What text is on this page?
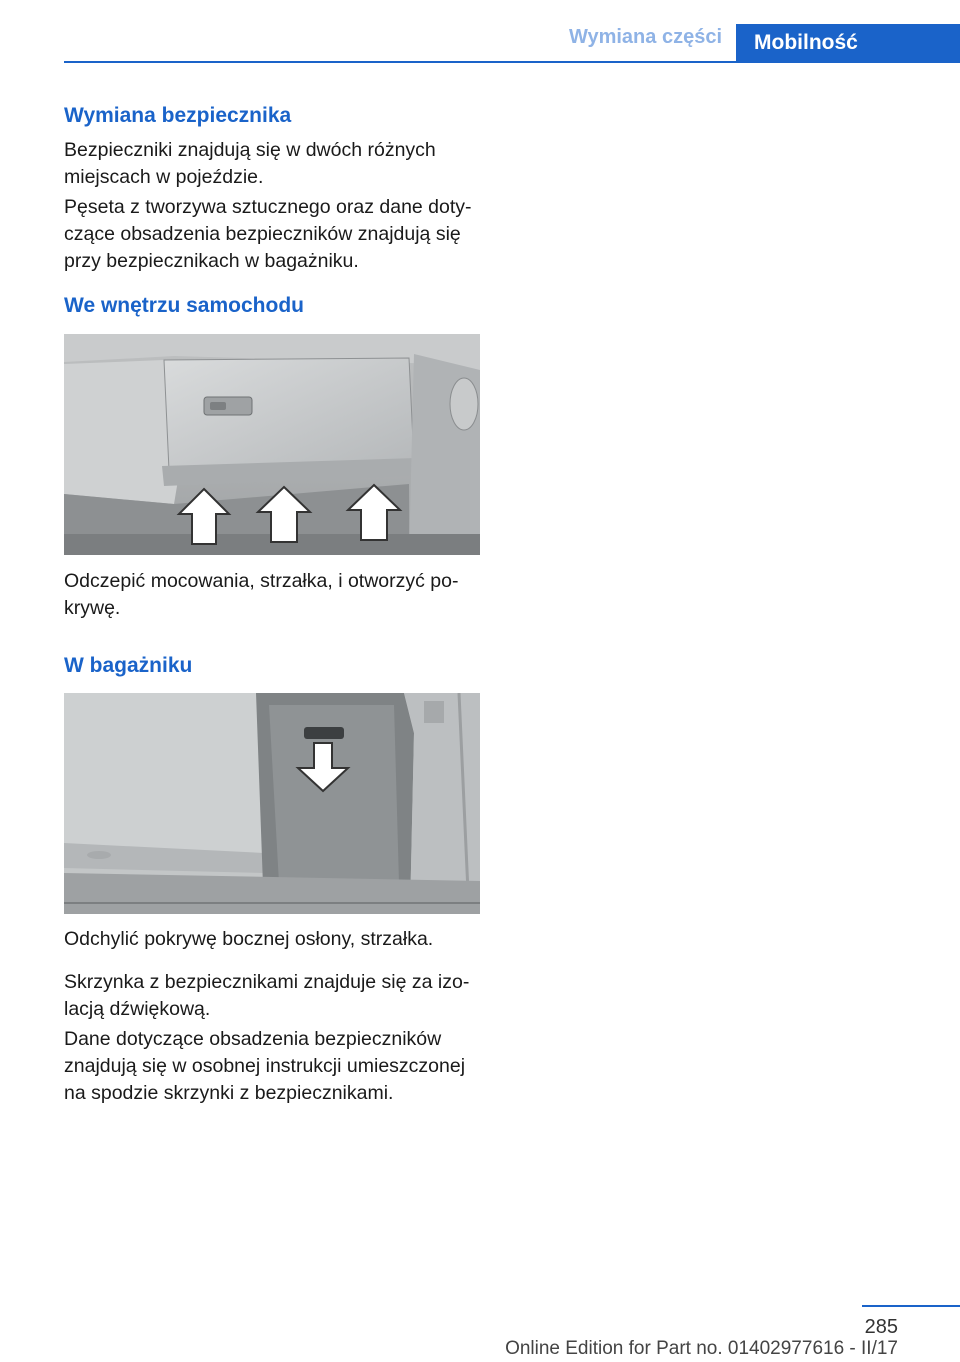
Wymiana części	Mobilność
Wymiana bezpiecznika

Bezpieczniki znajdują się w dwóch różnych miejscach w pojeździe.

Pęseta z tworzywa sztucznego oraz dane dotyczące obsadzenia bezpieczników znajdują się przy bezpiecznikach w bagażniku.

We wnętrzu samochodu

Odczepić mocowania, strzałka, i otworzyć pokrywę.

W bagażniku

Odchylić pokrywę bocznej osłony, strzałka.

Skrzynka z bezpiecznikami znajduje się za izolacją dźwiękową.

Dane dotyczące obsadzenia bezpieczników znajdują się w osobnej instrukcji umieszczonej na spodzie skrzynki z bezpiecznikami.

285
Online Edition for Part no. 01402977616 - II/17
